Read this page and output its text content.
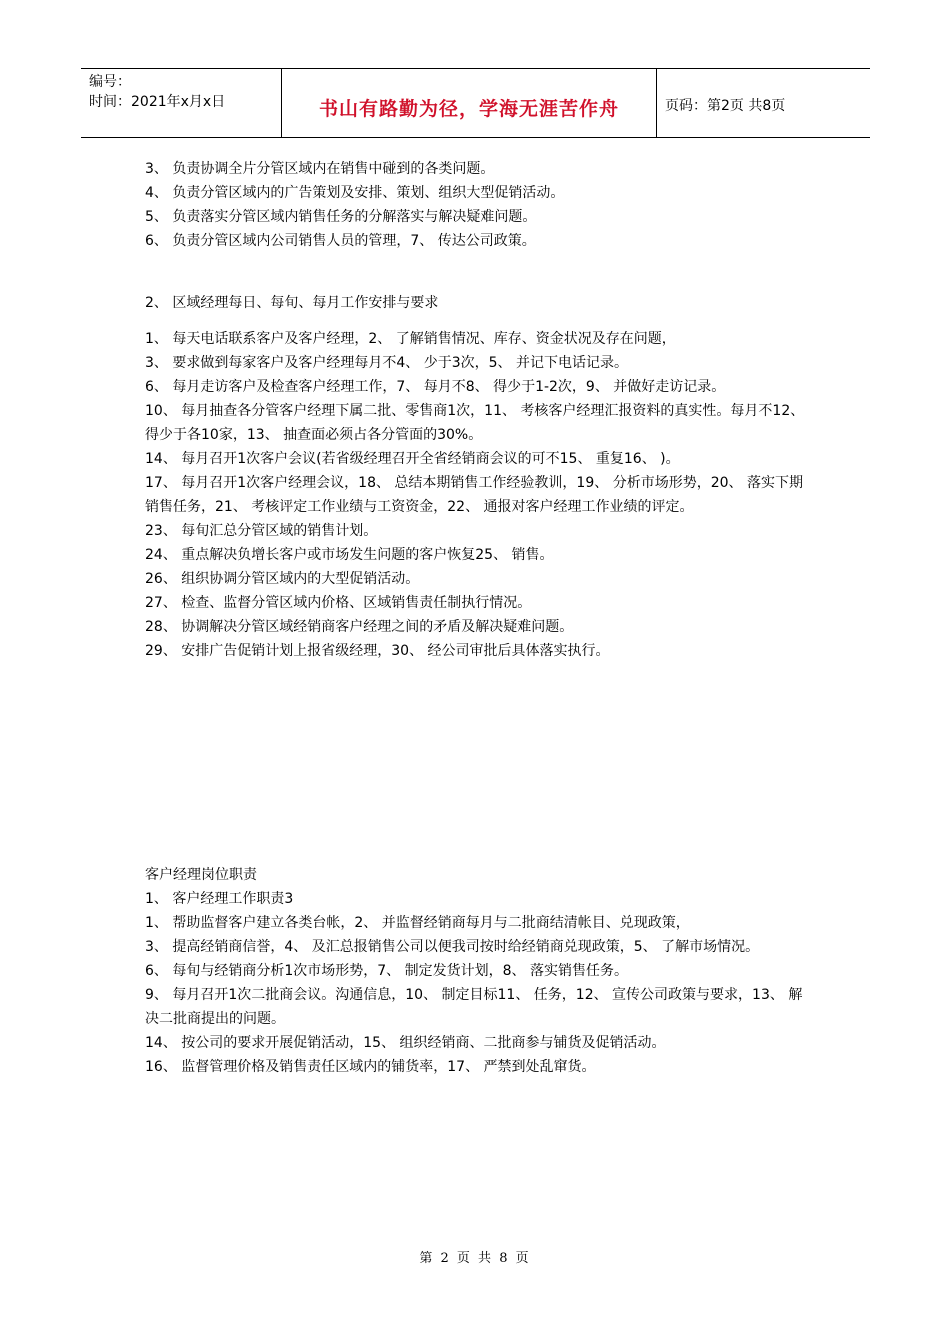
编号：
时间：2021年x月x日	书山有路勤为径，学海无涯苦作舟	页码：第2页 共8页

3、 负责协调全片分管区域内在销售中碰到的各类问题。

4、 负责分管区域内的广告策划及安排、策划、组织大型促销活动。

5、 负责落实分管区域内销售任务的分解落实与解决疑难问题。

6、 负责分管区域内公司销售人员的管理，7、 传达公司政策。

2、 区域经理每日、每旬、每月工作安排与要求

1、 每天电话联系客户及客户经理，2、 了解销售情况、库存、资金状况及存在问题，

3、 要求做到每家客户及客户经理每月不4、 少于3次，5、 并记下电话记录。

6、 每月走访客户及检查客户经理工作，7、 每月不8、 得少于1-2次，9、 并做好走访记录。

10、 每月抽查各分管客户经理下属二批、零售商1次，11、 考核客户经理汇报资料的真实性。每月不12、 得少于各10家，13、 抽查面必须占各分管面的30%。

14、 每月召开1次客户会议(若省级经理召开全省经销商会议的可不15、 重复16、 )。

17、 每月召开1次客户经理会议，18、 总结本期销售工作经验教训，19、 分析市场形势，20、 落实下期销售任务，21、 考核评定工作业绩与工资资金，22、 通报对客户经理工作业绩的评定。

23、 每旬汇总分管区域的销售计划。

24、 重点解决负增长客户或市场发生问题的客户恢复25、 销售。

26、 组织协调分管区域内的大型促销活动。

27、 检查、监督分管区域内价格、区域销售责任制执行情况。

28、 协调解决分管区域经销商客户经理之间的矛盾及解决疑难问题。

29、 安排广告促销计划上报省级经理，30、 经公司审批后具体落实执行。

客户经理岗位职责

1、 客户经理工作职责3

1、 帮助监督客户建立各类台帐，2、 并监督经销商每月与二批商结清帐目、兑现政策，

3、 提高经销商信誉，4、 及汇总报销售公司以便我司按时给经销商兑现政策，5、 了解市场情况。

6、 每旬与经销商分析1次市场形势，7、 制定发货计划，8、 落实销售任务。

9、 每月召开1次二批商会议。沟通信息，10、 制定目标11、 任务，12、 宣传公司政策与要求，13、 解决二批商提出的问题。

14、 按公司的要求开展促销活动，15、 组织经销商、二批商参与铺货及促销活动。

16、 监督管理价格及销售责任区域内的铺货率，17、 严禁到处乱窜货。

第 2 页 共 8 页
